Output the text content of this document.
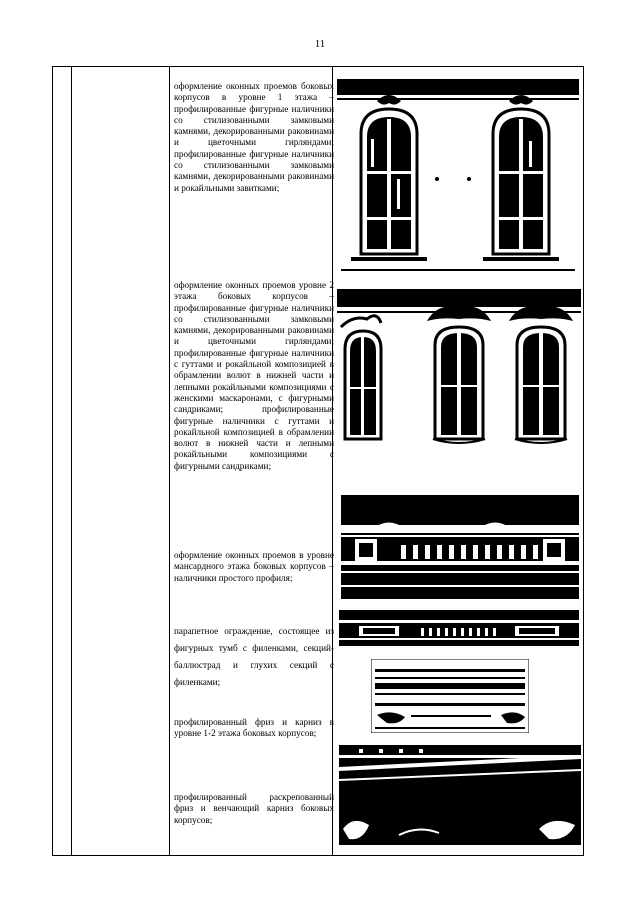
11
оформление оконных проемов боковых корпусов в уровне 1 этажа – профилированные фигурные наличники со стилизованными замковыми камнями, декорированными раковинами и цветочными гирляндами; профилированные фигурные наличники со стилизованными замковыми камнями, декорированными раковинами и рокайльными завитками;
оформление оконных проемов уровне 2 этажа боковых корпусов – профилированные фигурные наличники со стилизованными замковыми камнями, декорированными раковинами и цветочными гирляндами; профилированные фигурные наличники с гуттами и рокайльной композицией в обрамлении волют в нижней части и лепными рокайльными композициями с женскими маскаронами, с фигурными сандриками; профилированные фигурные наличники с гуттами и рокайльной композицией в обрамлении волют в нижней части и лепными рокайльными композициями с фигурными сандриками;
оформление оконных проемов в уровне мансардного этажа боковых корпусов – наличники простого профиля;
парапетное ограждение, состоящее из фигурных тумб с филенками, секций-баллюстрад и глухих секций с филенками;
профилированный фриз и карниз в уровне 1-2 этажа боковых корпусов;
профилированный раскрепованный фриз и венчающий карниз боковых корпусов;
